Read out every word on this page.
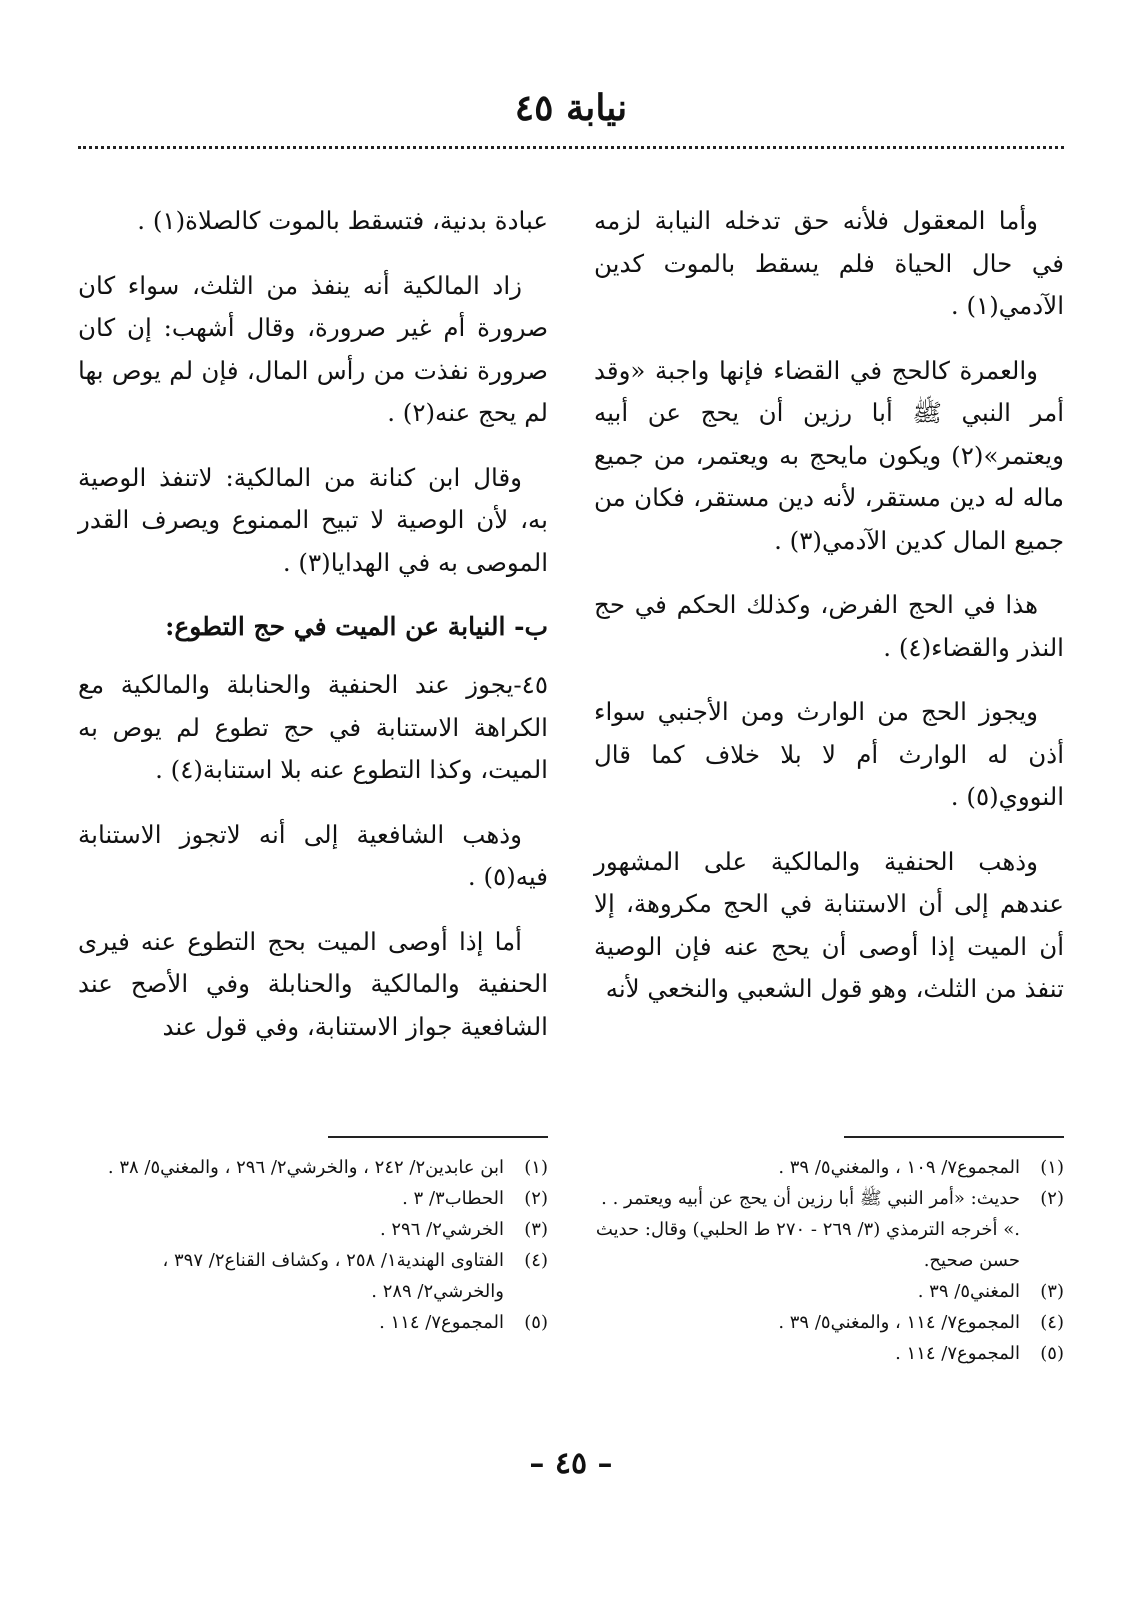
نيابة ٤٥

وأما المعقول فلأنه حق تدخله النيابة لزمه في حال الحياة فلم يسقط بالموت كدين الآدمي(١) .

والعمرة كالحج في القضاء فإنها واجبة «وقد أمر النبي ﷺ أبا رزين أن يحج عن أبيه ويعتمر»(٢) ويكون مايحج به ويعتمر، من جميع ماله له دين مستقر، لأنه دين مستقر، فكان من جميع المال كدين الآدمي(٣) .

هذا في الحج الفرض، وكذلك الحكم في حج النذر والقضاء(٤) .

ويجوز الحج من الوارث ومن الأجنبي سواء أذن له الوارث أم لا بلا خلاف كما قال النووي(٥) .

وذهب الحنفية والمالكية على المشهور عندهم إلى أن الاستنابة في الحج مكروهة، إلا أن الميت إذا أوصى أن يحج عنه فإن الوصية تنفذ من الثلث، وهو قول الشعبي والنخعي لأنه

(١)
المجموع٧/ ١٠٩ ، والمغني٥/ ٣٩ .
(٢)
حديث: «أمر النبي ﷺ أبا رزين أن يحج عن أبيه ويعتمر . . .» أخرجه الترمذي (٣/ ٢٦٩ - ٢٧٠ ط الحلبي) وقال: حديث حسن صحيح.
(٣)
المغني٥/ ٣٩ .
(٤)
المجموع٧/ ١١٤ ، والمغني٥/ ٣٩ .
(٥)
المجموع٧/ ١١٤ .

عبادة بدنية، فتسقط بالموت كالصلاة(١) .

زاد المالكية أنه ينفذ من الثلث، سواء كان صرورة أم غير صرورة، وقال أشهب: إن كان صرورة نفذت من رأس المال، فإن لم يوص بها لم يحج عنه(٢) .

وقال ابن كنانة من المالكية: لاتنفذ الوصية به، لأن الوصية لا تبيح الممنوع ويصرف القدر الموصى به في الهدايا(٣) .

ب- النيابة عن الميت في حج التطوع:

٤٥-يجوز عند الحنفية والحنابلة والمالكية مع الكراهة الاستنابة في حج تطوع لم يوص به الميت، وكذا التطوع عنه بلا استنابة(٤) .

وذهب الشافعية إلى أنه لاتجوز الاستنابة فيه(٥) .

أما إذا أوصى الميت بحج التطوع عنه فيرى الحنفية والمالكية والحنابلة وفي الأصح عند الشافعية جواز الاستنابة، وفي قول عند

(١)
ابن عابدين٢/ ٢٤٢ ، والخرشي٢/ ٢٩٦ ، والمغني٥/ ٣٨ .
(٢)
الحطاب٣/ ٣ .
(٣)
الخرشي٢/ ٢٩٦ .
(٤)
الفتاوى الهندية١/ ٢٥٨ ، وكشاف القناع٢/ ٣٩٧ ، والخرشي٢/ ٢٨٩ .
(٥)
المجموع٧/ ١١٤ .
– ٤٥ –
